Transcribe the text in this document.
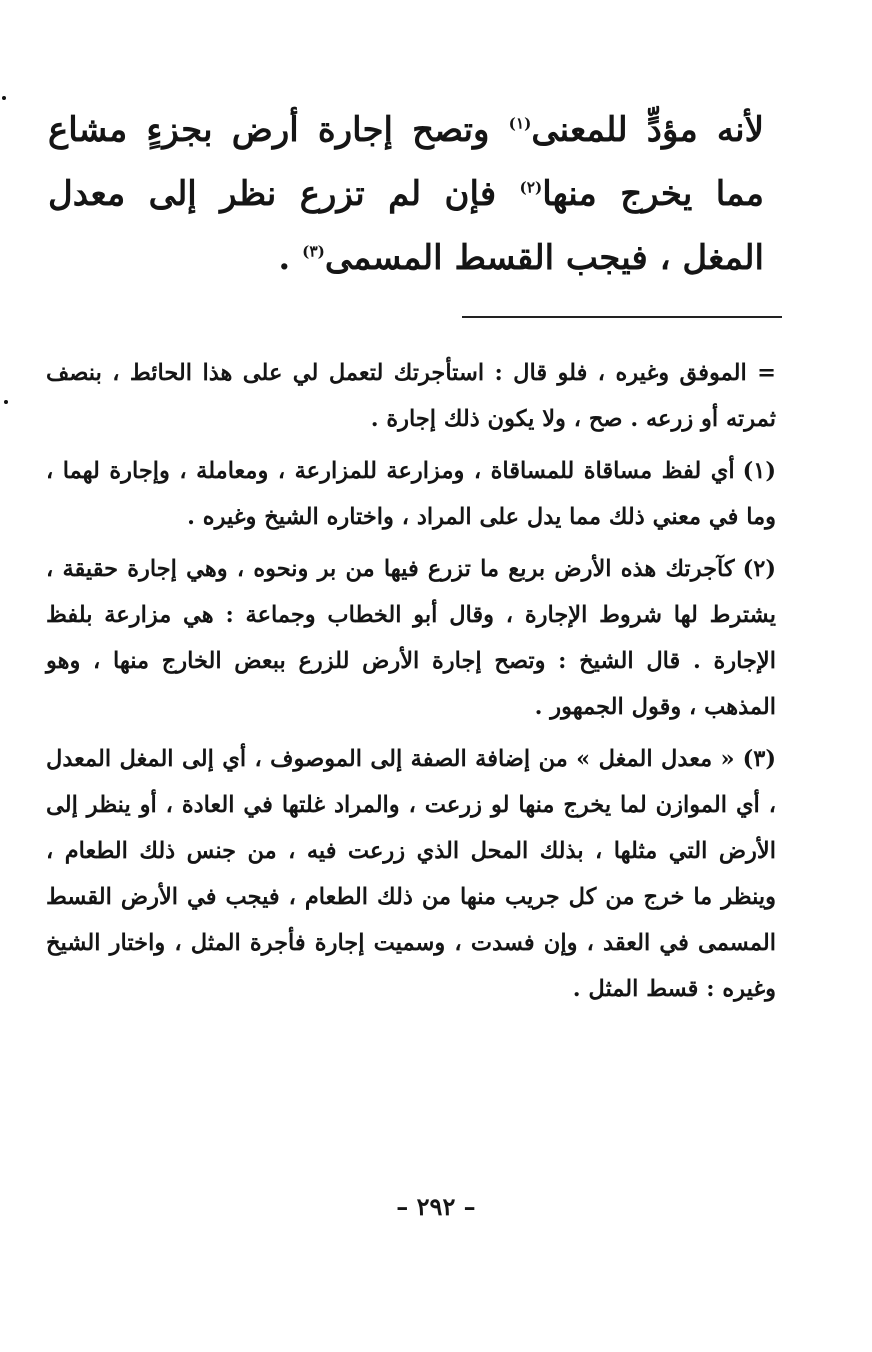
لأنه مؤدٍّ للمعنى$^{(١)}$ وتصح إجارة أرض بجزءٍ مشاع مما يخرج منها$^{(٢)}$ فإن لم تزرع نظر إلى معدل المغل ، فيجب القسط المسمى$^{(٣)}$ .

= الموفق وغيره ، فلو قال : استأجرتك لتعمل لي على هذا الحائط ، بنصف ثمرته أو زرعه . صح ، ولا يكون ذلك إجارة .

(١)أي لفظ مساقاة للمساقاة ، ومزارعة للمزارعة ، ومعاملة ، وإجارة لهما ، وما في معني ذلك مما يدل على المراد ، واختاره الشيخ وغيره .

(٢)كآجرتك هذه الأرض بربع ما تزرع فيها من بر ونحوه ، وهي إجارة حقيقة ، يشترط لها شروط الإجارة ، وقال أبو الخطاب وجماعة : هي مزارعة بلفظ الإجارة . قال الشيخ : وتصح إجارة الأرض للزرع ببعض الخارج منها ، وهو المذهب ، وقول الجمهور .

(٣)« معدل المغل » من إضافة الصفة إلى الموصوف ، أي إلى المغل المعدل ، أي الموازن لما يخرج منها لو زرعت ، والمراد غلتها في العادة ، أو ينظر إلى الأرض التي مثلها ، بذلك المحل الذي زرعت فيه ، من جنس ذلك الطعام ، وينظر ما خرج من كل جريب منها من ذلك الطعام ، فيجب في الأرض القسط المسمى في العقد ، وإن فسدت ، وسميت إجارة فأجرة المثل ، واختار الشيخ وغيره : قسط المثل .

– ٢٩٢ –
